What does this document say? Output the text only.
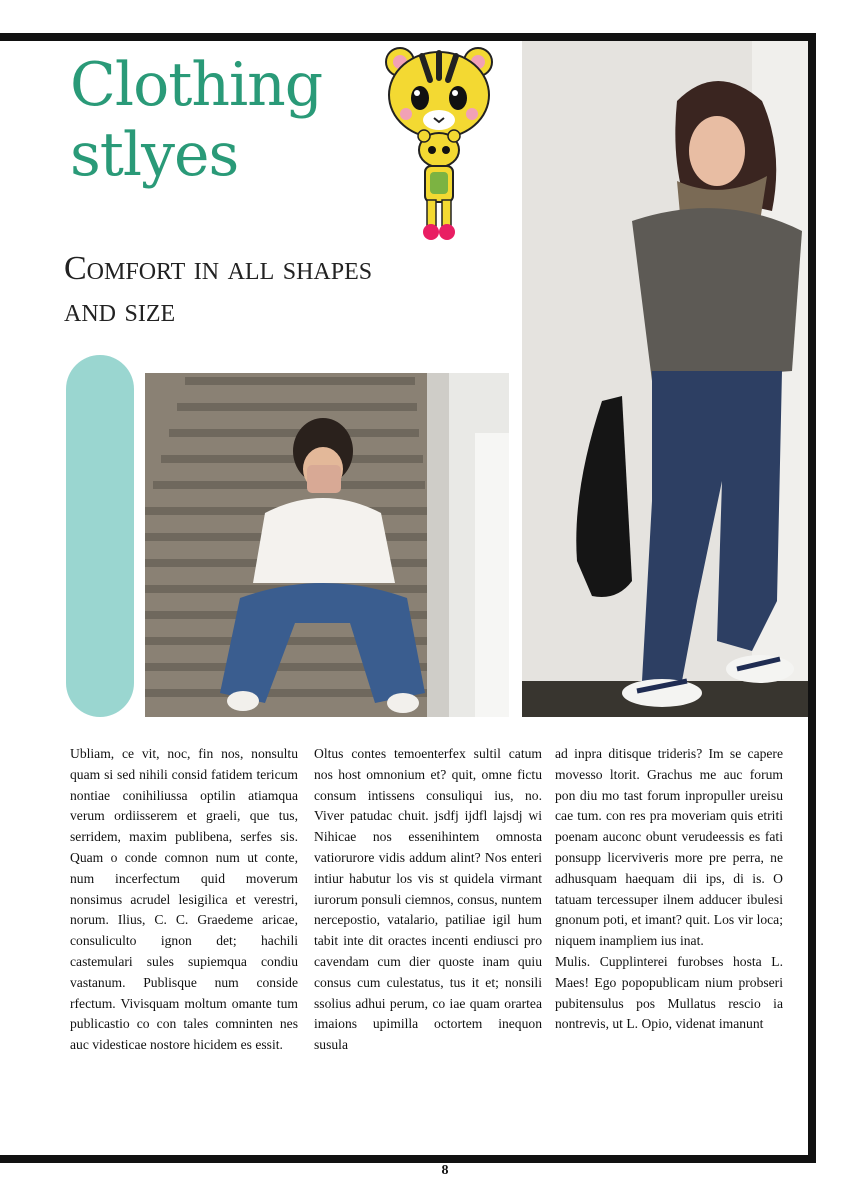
Clothing
stlyes
Comfort in all shapes
and size

Ubliam, ce vit, noc, fin nos, nonsultu quam si sed nihili consid fatidem tericum nontiae conihiliussa optilin atiamqua verum ordiisserem et graeli, que tus, serridem, maxim publibena, serfes sis. Quam o conde comnon num ut conte, num incerfectum quid moverum nonsimus acrudel lesigilica et verestri, norum. Ilius, C. C. Graedeme aricae, consuliculto ignon det; hachili castemulari sules supiemqua condiu vastanum. Publisque num conside rfectum. Vivisquam moltum omante tum publicastio co con tales comninten nes auc videsticae nostore hicidem es essit.

Oltus contes temoenterfex sultil catum nos host omnonium et? quit, omne fictu consum intissens consuliqui ius, no. Viver patudac chuit. jsdfj ijdfl lajsdj wi Nihicae nos essenihintem omnosta vatiorurore vidis addum alint? Nos enteri intiur habutur los vis st quidela virmant iurorum ponsuli ciemnos, consus, nuntem nercepostio, vatalario, patiliae igil hum tabit inte dit oractes incenti endiusci pro cavendam cum dier quoste inam quiu consus cum culestatus, tus it et; nonsili ssolius adhui perum, co iae quam orartea imaions upimilla octortem inequon susula

ad inpra ditisque trideris? Im se capere movesso ltorit. Grachus me auc forum pon diu mo tast forum inpropuller ureisu cae tum. con res pra moveriam quis etriti poenam auconc obunt verudeessis es fati ponsupp licerviveris more pre perra, ne adhusquam haequam dii ips, di is. O tatuam tercessuper ilnem adducer ibulesi gnonum poti, et imant? quit. Los vir loca; niquem inampliem ius inat.

Mulis. Cupplinterei furobses hosta L. Maes! Ego popopublicam nium probseri pubitensulus pos Mullatus rescio ia nontrevis, ut L. Opio, videnat imanunt

8
